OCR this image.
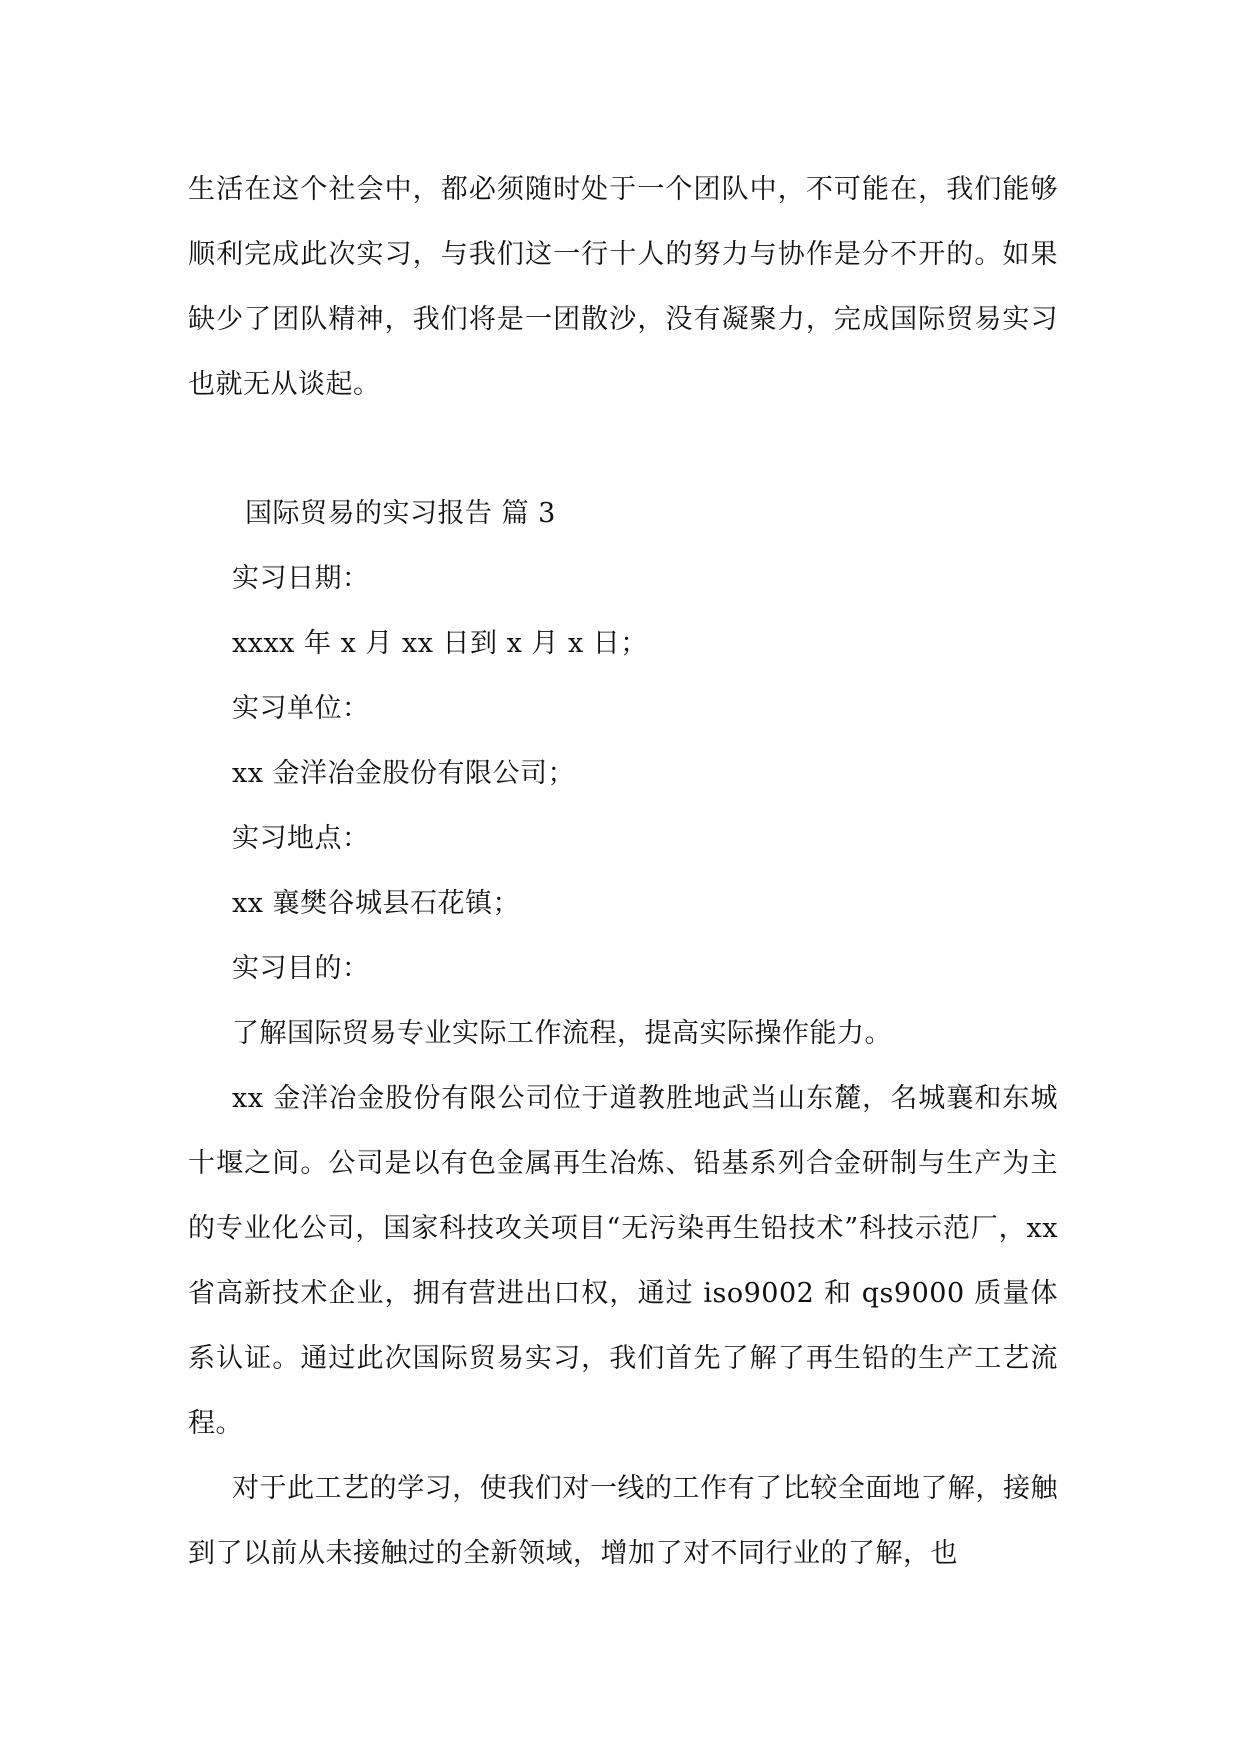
生活在这个社会中，都必须随时处于一个团队中，不可能在，我们能够顺利完成此次实习，与我们这一行十人的努力与协作是分不开的。如果缺少了团队精神，我们将是一团散沙，没有凝聚力，完成国际贸易实习也就无从谈起。

国际贸易的实习报告 篇 3

实习日期：

xxxx 年 x 月 xx 日到 x 月 x 日；

实习单位：

xx 金洋冶金股份有限公司；

实习地点：

xx 襄樊谷城县石花镇；

实习目的：

了解国际贸易专业实际工作流程，提高实际操作能力。

xx 金洋冶金股份有限公司位于道教胜地武当山东麓，名城襄和东城十堰之间。公司是以有色金属再生冶炼、铅基系列合金研制与生产为主的专业化公司，国家科技攻关项目“无污染再生铅技术”科技示范厂，xx 省高新技术企业，拥有营进出口权，通过 iso9002 和 qs9000 质量体系认证。通过此次国际贸易实习，我们首先了解了再生铅的生产工艺流程。

对于此工艺的学习，使我们对一线的工作有了比较全面地了解，接触到了以前从未接触过的全新领域，增加了对不同行业的了解，也
